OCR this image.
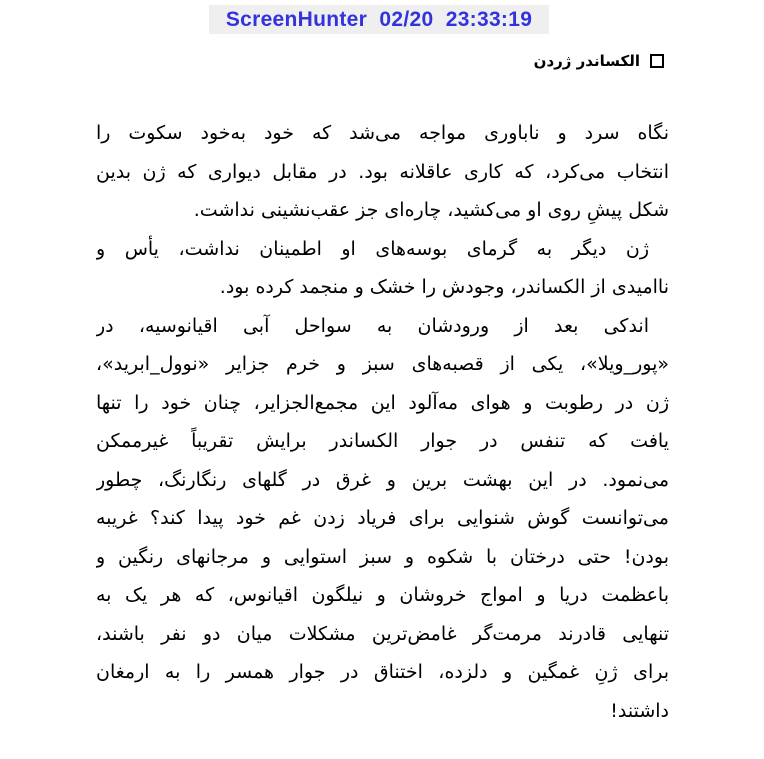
ScreenHunter  02/20  23:33:19
الکساندر ژردن
نگاه سرد و ناباوری مواجه می‌شد که خود به‌خود سکوت را
انتخاب می‌کرد، که کاری عاقلانه بود. در مقابل دیواری که ژن بدین
شکل پیشِ روی او می‌کشید، چاره‌ای جز عقب‌نشینی نداشت.
ژن دیگر به گرمای بوسه‌های او اطمینان نداشت، یأس و
ناامیدی از الکساندر، وجودش را خشک و منجمد کرده بود.
اندکی بعد از ورودشان به سواحل آبی اقیانوسیه، در
«پور_ویلا»، یکی از قصبه‌های سبز و خرم جزایر «نوول_ابرید»،
ژن در رطوبت و هوای مه‌آلود این مجمع‌الجزایر، چنان خود را تنها
یافت که تنفس در جوار الکساندر برایش تقریباً غیرممکن
می‌نمود. در این بهشت برین و غرق در گلهای رنگارنگ، چطور
می‌توانست گوش شنوایی برای فریاد زدن غم خود پیدا کند؟ غریبه
بودن! حتی درختان با شکوه و سبز استوایی و مرجانهای رنگین و
باعظمت دریا و امواج خروشان و نیلگون اقیانوس، که هر یک به
تنهایی قادرند مرمت‌گر غامض‌ترین مشکلات میان دو نفر باشند،
برای ژنِ غمگین و دلزده، اختناق در جوار همسر را به ارمغان
داشتند!
